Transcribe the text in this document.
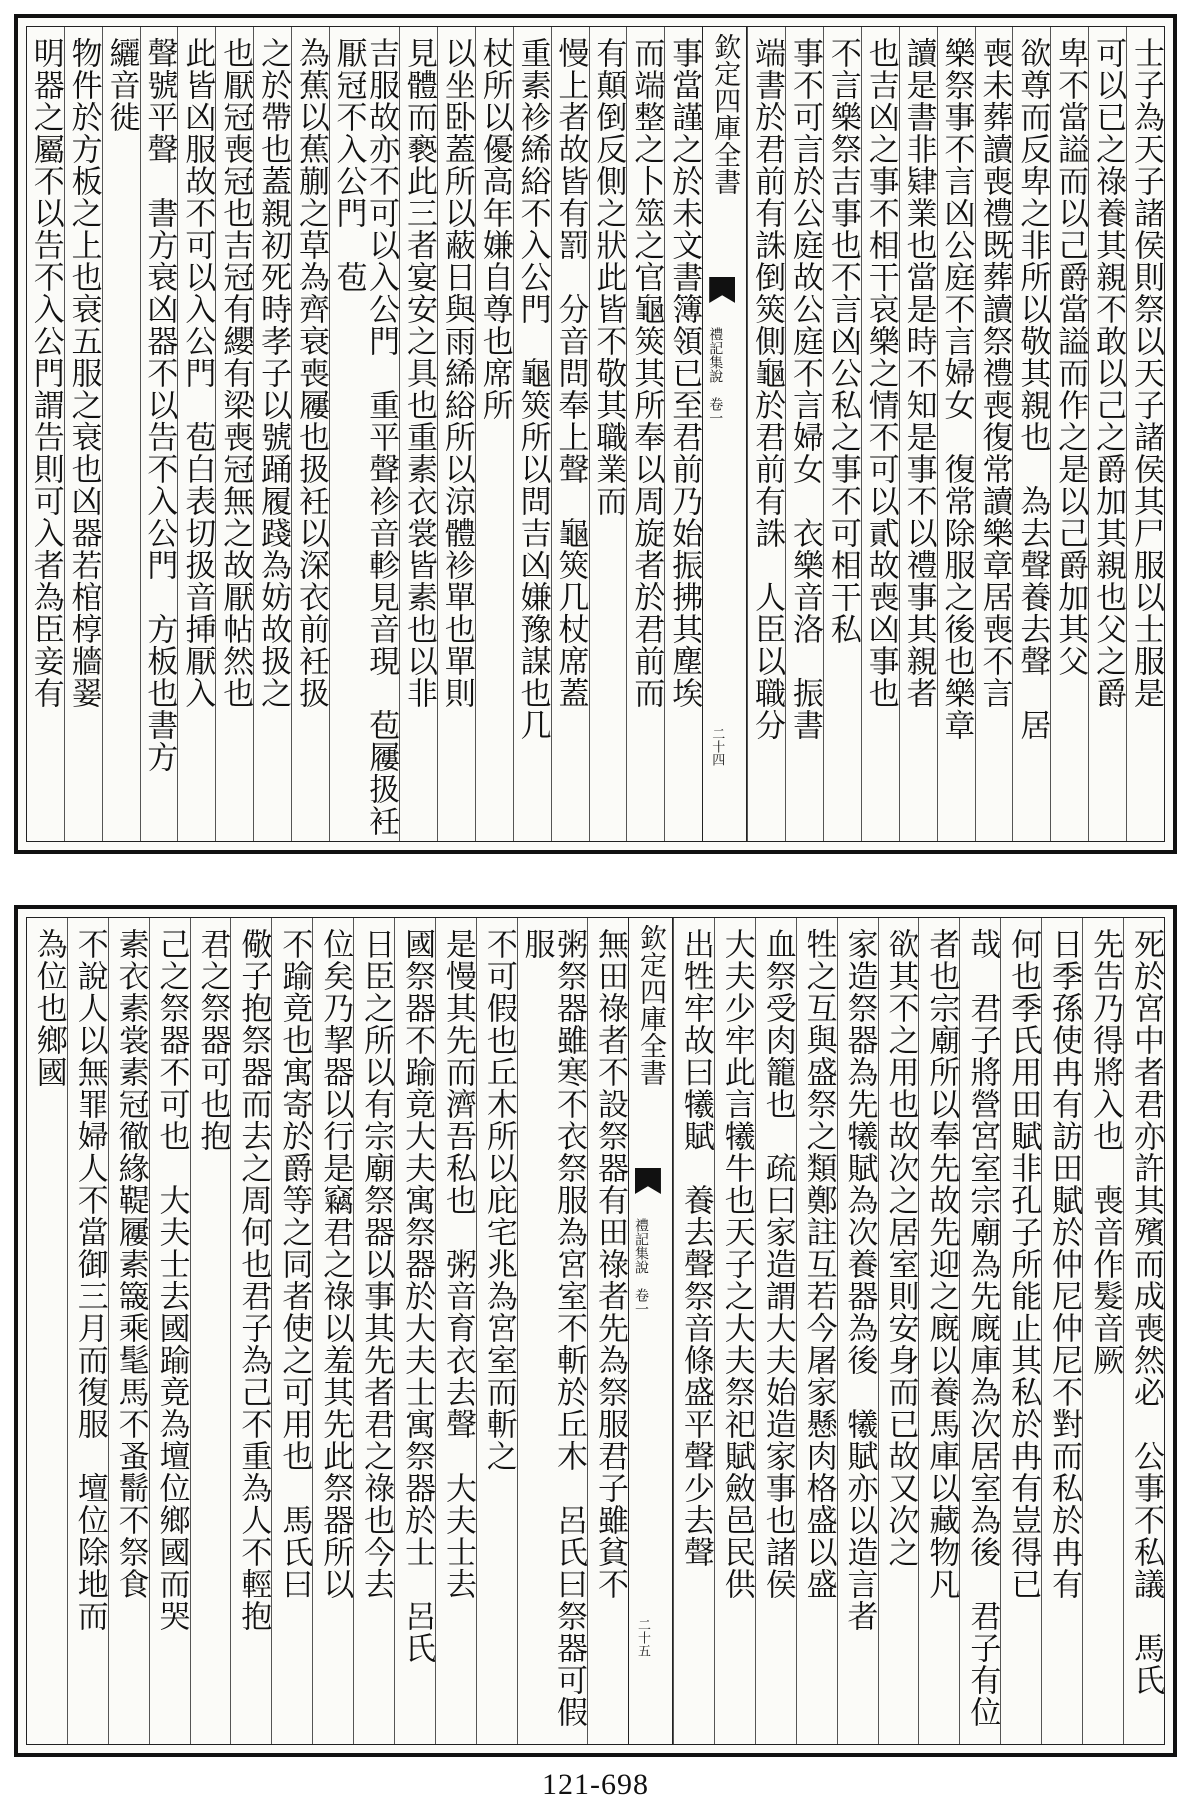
士子為天子諸侯則祭以天子諸侯其尸服以士服是
可以已之祿養其親不敢以己之爵加其親也父之爵
卑不當謚而以己爵當謚而作之是以己爵加其父
欲尊而反卑之非所以敬其親也　為去聲養去聲　居
喪未葬讀喪禮既葬讀祭禮喪復常讀樂章居喪不言
樂祭事不言凶公庭不言婦女　復常除服之後也樂章
讀是書非肄業也當是時不知是事不以禮事其親者
也吉凶之事不相干哀樂之情不可以貳故喪凶事也
不言樂祭吉事也不言凶公私之事不可相干私
事不可言於公庭故公庭不言婦女　衣樂音洛　振書
端書於君前有誅倒筴側龜於君前有誅　人臣以職分
欽定四庫全書
禮記集說　卷一
二十四
事當謹之於未文書簿領已至君前乃始振拂其塵埃
而端整之卜筮之官龜筴其所奉以周旋者於君前而
有顛倒反側之狀此皆不敬其職業而
慢上者故皆有罰　分音問奉上聲　龜筴几杖席蓋
重素袗絺綌不入公門　龜筴所以問吉凶嫌豫謀也几
杖所以優高年嫌自尊也席所
以坐卧蓋所以蔽日與雨絺綌所以涼體袗單也單則
見體而褻此三者宴安之具也重素衣裳皆素也以非
吉服故亦不可以入公門　重平聲袗音軫見音現　苞屨扱衽厭冠不入公門　苞
為蕉以蕉蒯之草為齊衰喪屨也扱衽以深衣前衽扱
之於帶也蓋親初死時孝子以號踊履踐為妨故扱之
也厭冠喪冠也吉冠有纓有梁喪冠無之故厭帖然也
此皆凶服故不可以入公門　苞白表切扱音挿厭入
聲號平聲　書方衰凶器不以告不入公門　方板也書方
纚音徙
物件於方板之上也衰五服之衰也凶器若棺椁牆翣
明器之屬不以告不入公門謂告則可入者為臣妾有
死於宮中者君亦許其殯而成喪然必　公事不私議　馬氏
先告乃得將入也　喪音作髮音厥
日季孫使冉有訪田賦於仲尼仲尼不對而私於冉有
何也季氏用田賦非孔子所能止其私於冉有豈得已
哉　君子將營宮室宗廟為先廐庫為次居室為後　君子有位
者也宗廟所以奉先故先迎之廐以養馬庫以藏物凡
欲其不之用也故次之居室則安身而已故又次之
家造祭器為先犧賦為次養器為後　犧賦亦以造言者
牲之互與盛祭之類鄭註互若今屠家懸肉格盛以盛
血祭受肉籠也　疏曰家造謂大夫始造家事也諸侯
大夫少牢此言犧牛也天子之大夫祭祀賦斂邑民供
出牲牢故曰犧賦　養去聲祭音條盛平聲少去聲
欽定四庫全書
禮記集說　卷一
二十五
無田祿者不設祭器有田祿者先為祭服君子雖貧不
粥祭器雖寒不衣祭服為宮室不斬於丘木　呂氏曰祭器可假服
不可假也丘木所以庇宅兆為宮室而斬之
是慢其先而濟吾私也　粥音育衣去聲　大夫士去
國祭器不踰竟大夫寓祭器於大夫士寓祭器於士　呂氏
日臣之所以有宗廟祭器以事其先者君之祿也今去
位矣乃挈器以行是竊君之祿以羞其先此祭器所以
不踰竟也寓寄於爵等之同者使之可用也　馬氏曰
儆子抱祭器而去之周何也君子為己不重為人不輕抱
君之祭器可也抱
己之祭器不可也　大夫士去國踰竟為壇位鄉國而哭
素衣素裳素冠徹緣鞮屨素簚乘髦馬不蚤鬋不祭食
不說人以無罪婦人不當御三月而復服　壇位除地而
為位也鄉國
121-698
